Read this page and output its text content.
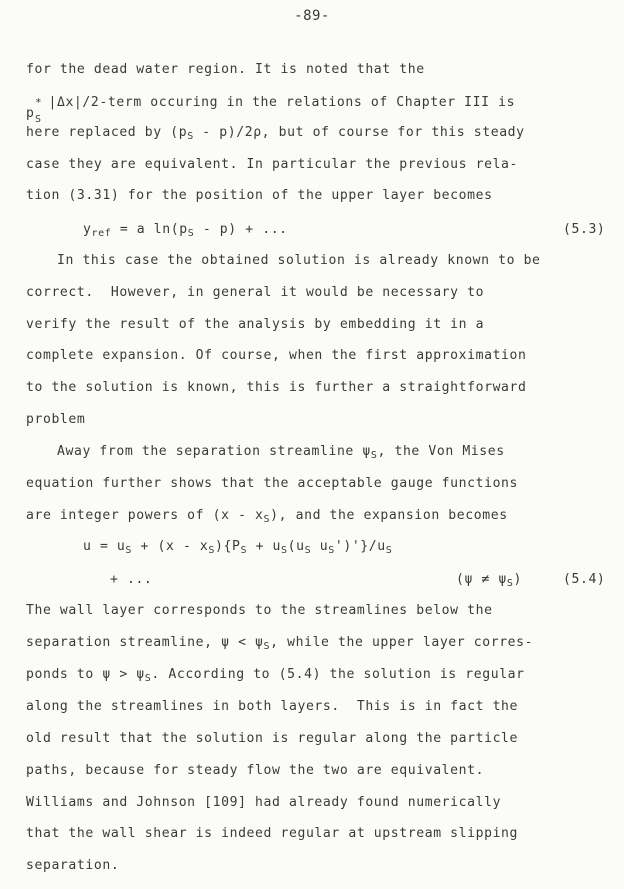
-89-
for the dead water region. It is noted that the
p
*
S
|Δx|/2-term occuring in the relations of Chapter III is
here replaced by $(p_S - p)/2\rho$, but of course for this steady
case they are equivalent. In particular the previous rela-
tion (3.31) for the position of the upper layer becomes
$y_{ref} = a$ $\ln(p_S - p)$ + ...	(5.3)
In this case the obtained solution is already known to be
correct.  However, in general it would be necessary to
verify the result of the analysis by embedding it in a
complete expansion. Of course, when the first approximation
to the solution is known, this is further a straightforward
problem
Away from the separation streamline $\psi_S$, the Von Mises
equation further shows that the acceptable gauge functions
are integer powers of $(x - x_S)$, and the expansion becomes
$u = u_S + (x - x_S)\{P_S + u_S(u_S$ $u_S')'\}/u_S$
+ ...	$(\psi \ne \psi_S)$	(5.4)
The wall layer corresponds to the streamlines below the
separation streamline, $\psi < \psi_S$, while the upper layer corres-
ponds to $\psi > \psi_S$. According to (5.4) the solution is regular
along the streamlines in both layers.  This is in fact the
old result that the solution is regular along the particle
paths, because for steady flow the two are equivalent.
Williams and Johnson [109] had already found numerically
that the wall shear is indeed regular at upstream slipping
separation.
